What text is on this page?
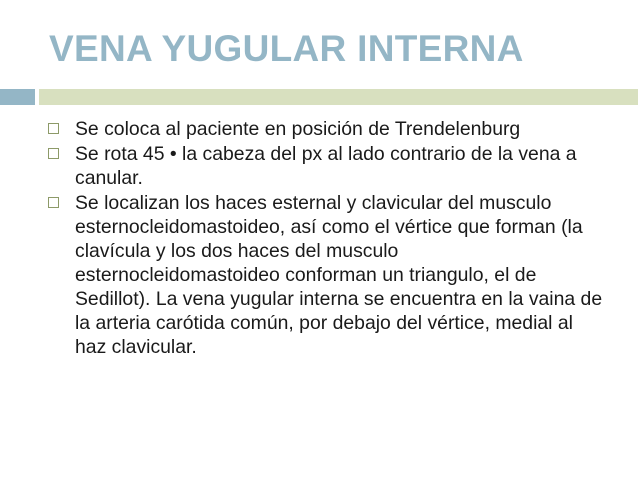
VENA YUGULAR INTERNA
Se coloca al paciente en posición de Trendelenburg
Se rota 45 • la cabeza del px al lado contrario de la vena a canular.
Se localizan los haces esternal y clavicular del musculo esternocleidomastoideo, así como el vértice que forman (la clavícula y los dos haces del musculo esternocleidomastoideo conforman un triangulo, el de Sedillot). La vena yugular interna se encuentra en la vaina de la arteria carótida común, por debajo del vértice, medial al haz clavicular.
